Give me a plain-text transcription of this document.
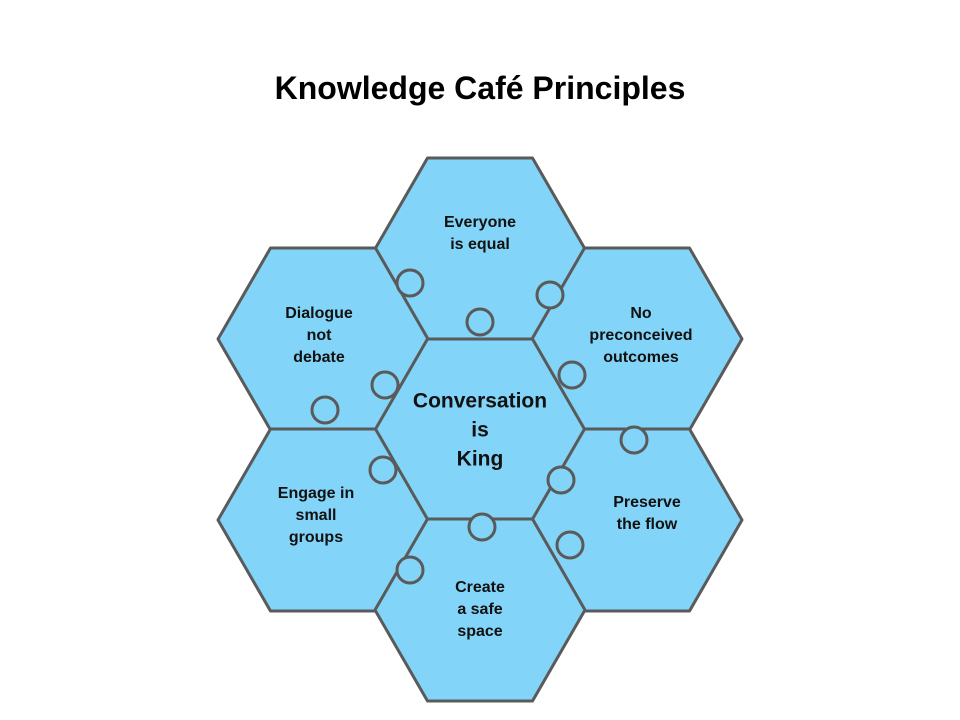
Knowledge Café Principles
Everyone
is equal
Dialogue
not
debate
No
preconceived
outcomes
Conversation
is
King
Engage in
small
groups
Preserve
the flow
Create
a safe
space
